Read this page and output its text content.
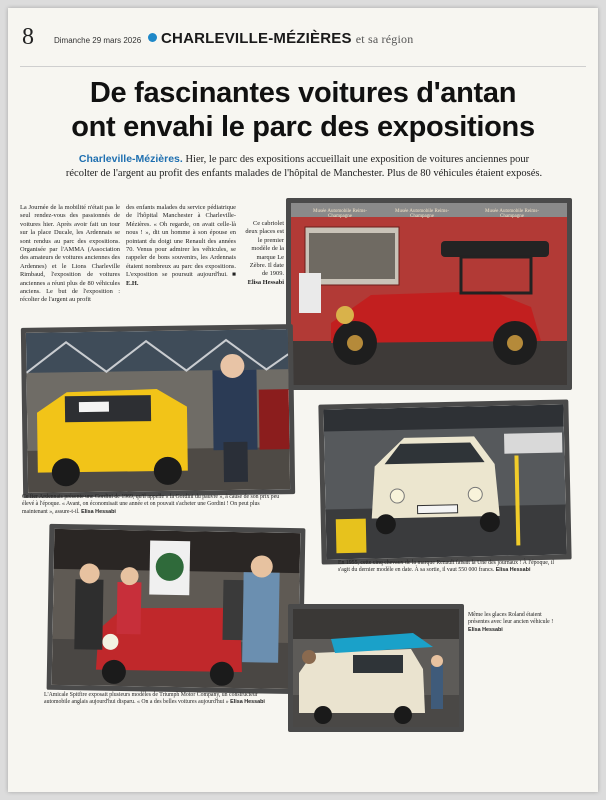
8	Dimanche 29 mars 2026	CHARLEVILLE-MÉZIÈRES et sa région
De fascinantes voitures d'antan
ont envahi le parc des expositions
Charleville-Mézières. Hier, le parc des expositions accueillait une exposition de voitures anciennes pour récolter de l'argent au profit des enfants malades de l'hôpital de Manchester. Plus de 80 véhicules étaient exposés.
La Journée de la mobilité n'était pas le seul rendez-vous des passionnés de voitures hier. Après avoir fait un tour sur la place Ducale, les Ardennais se sont rendus au parc des expositions. Organisée par l'AMMA (Association des amateurs de voitures anciennes des Ardennes) et le Lions Charleville Rimbaud, l'exposition de voitures anciennes a réuni plus de 80 véhicules anciens. Le but de l'exposition : récolter de l'argent au profit
des enfants malades du service pédiatrique de l'hôpital Manchester à Charleville-Mézières. « Oh regarde, on avait celle-là nous ! », dit un homme à son épouse en pointant du doigt une Renault des années 70. Venus pour admirer les véhicules, se rappeler de bons souvenirs, les Ardennais étaient nombreux au parc des expositions. L'exposition se poursuit aujourd'hui. ■ E.H.
Ce cabriolet deux places est le premier modèle de la marque Le Zèbre. Il date de 1909.
Elisa Hessabi
Musée Automobile Reims-Champagne
Musée Automobile Reims-Champagne
Musée Automobile Reims-Champagne
Ce fier Ardennais présente une Gordini de 1969, qu'il appelle « la Gordini du pauvre », à cause de son prix peu élevé à l'époque. « Avant, on économisait une année et on pouvait s'acheter une Gordini ! On peut plus maintenant », assure-t-il. Elisa Hessabi
En 1955, cette cinq chevaux de la marque Renault faisait la Une des journaux ! À l'époque, il s'agit du dernier modèle en date. À sa sortie, il vaut 550 000 francs. Elisa Hessabi
L'Amicale Spitfire exposait plusieurs modèles de Triumph Motor Company, un constructeur automobile anglais aujourd'hui disparu. « On a des belles voitures aujourd'hui » Elisa Hessabi
Même les glaces Roland étaient présentes avec leur ancien véhicule !
Elisa Hessabi
